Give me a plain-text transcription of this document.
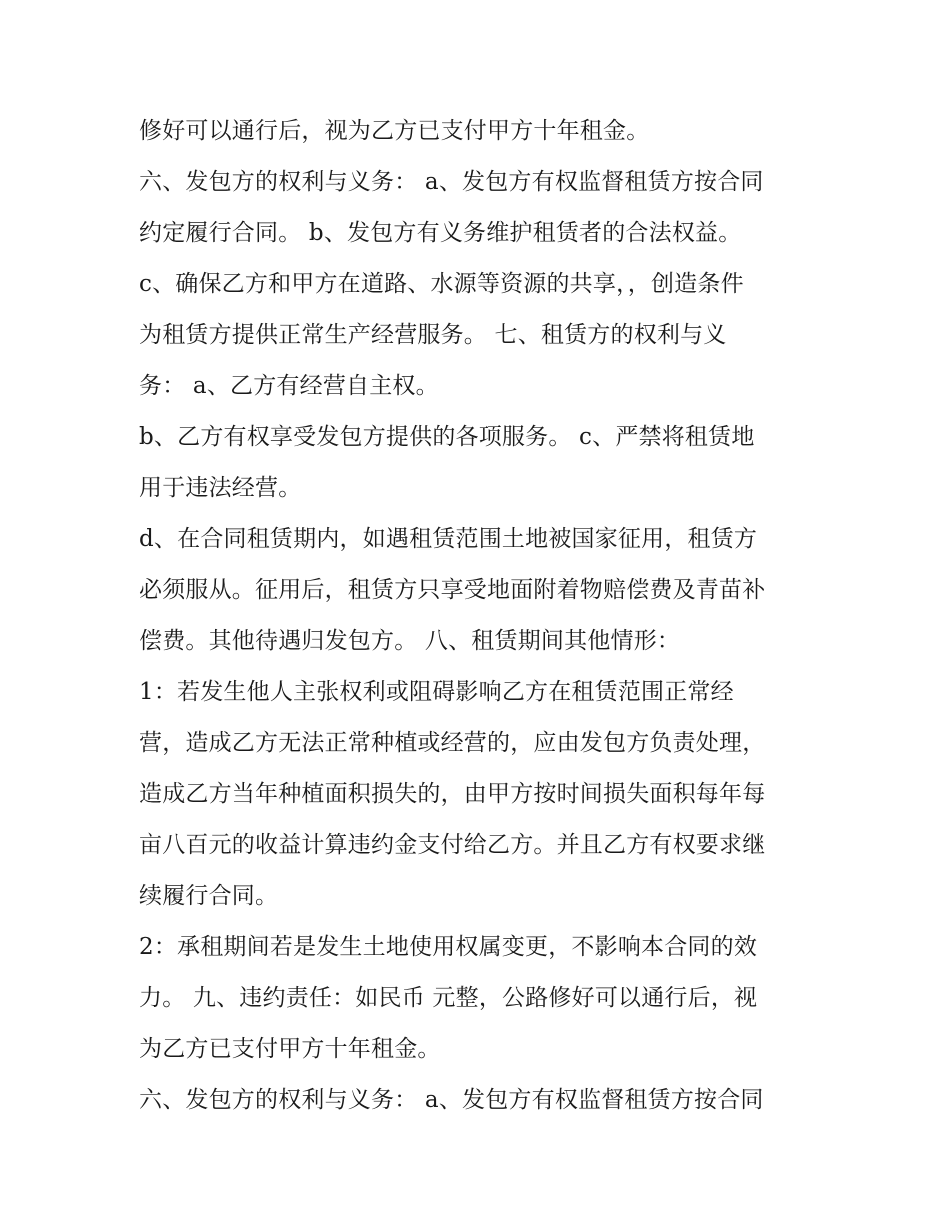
修好可以通行后，视为乙方已支付甲方十年租金。
六、发包方的权利与义务： a、发包方有权监督租赁方按合同
约定履行合同。 b、发包方有义务维护租赁者的合法权益。
c、确保乙方和甲方在道路、水源等资源的共享，，创造条件
为租赁方提供正常生产经营服务。 七、租赁方的权利与义
务： a、乙方有经营自主权。
b、乙方有权享受发包方提供的各项服务。 c、严禁将租赁地
用于违法经营。
d、在合同租赁期内，如遇租赁范围土地被国家征用，租赁方
必须服从。征用后，租赁方只享受地面附着物赔偿费及青苗补
偿费。其他待遇归发包方。 八、租赁期间其他情形：
1：若发生他人主张权利或阻碍影响乙方在租赁范围正常经
营，造成乙方无法正常种植或经营的，应由发包方负责处理，
造成乙方当年种植面积损失的，由甲方按时间损失面积每年每
亩八百元的收益计算违约金支付给乙方。并且乙方有权要求继
续履行合同。
2：承租期间若是发生土地使用权属变更，不影响本合同的效
力。 九、违约责任：如民币 元整，公路修好可以通行后，视
为乙方已支付甲方十年租金。
六、发包方的权利与义务： a、发包方有权监督租赁方按合同
